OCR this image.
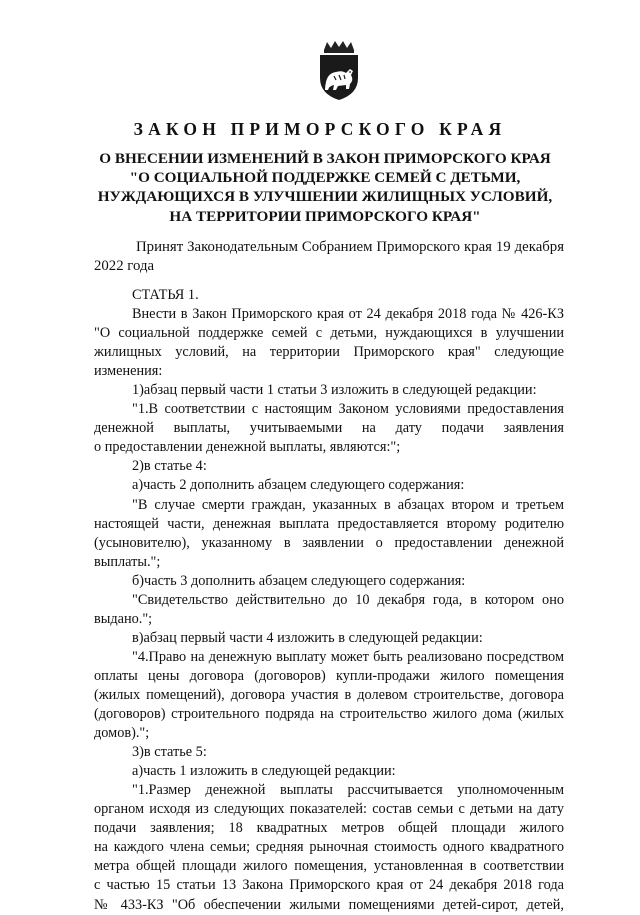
ЗАКОН ПРИМОРСКОГО КРАЯ
О ВНЕСЕНИИ ИЗМЕНЕНИЙ В ЗАКОН ПРИМОРСКОГО КРАЯ
"О СОЦИАЛЬНОЙ ПОДДЕРЖКЕ СЕМЕЙ С ДЕТЬМИ,
НУЖДАЮЩИХСЯ В УЛУЧШЕНИИ ЖИЛИЩНЫХ УСЛОВИЙ,
НА ТЕРРИТОРИИ ПРИМОРСКОГО КРАЯ"
Принят Законодательным Собранием Приморского края 19 декабря
2022 года
СТАТЬЯ 1.
Внести в Закон Приморского края от 24 декабря 2018 года № 426-КЗ
"О социальной поддержке семей с детьми, нуждающихся в улучшении
жилищных условий, на территории Приморского края" следующие
изменения:
1)абзац первый части 1 статьи 3 изложить в следующей редакции:
"1.В соответствии с настоящим Законом условиями предоставления
денежной выплаты, учитываемыми на дату подачи заявления
о предоставлении денежной выплаты, являются:";
2)в статье 4:
а)часть 2 дополнить абзацем следующего содержания:
"В случае смерти граждан, указанных в абзацах втором и третьем
настоящей части, денежная выплата предоставляется второму родителю
(усыновителю), указанному в заявлении о предоставлении денежной
выплаты.";
б)часть 3 дополнить абзацем следующего содержания:
"Свидетельство действительно до 10 декабря года, в котором оно
выдано.";
в)абзац первый части 4 изложить в следующей редакции:
"4.Право на денежную выплату может быть реализовано посредством
оплаты цены договора (договоров) купли-продажи жилого помещения
(жилых помещений), договора участия в долевом строительстве, договора
(договоров) строительного подряда на строительство жилого дома (жилых
домов).";
3)в статье 5:
а)часть 1 изложить в следующей редакции:
"1.Размер денежной выплаты рассчитывается уполномоченным
органом исходя из следующих показателей: состав семьи с детьми на дату
подачи заявления; 18 квадратных метров общей площади жилого
на каждого члена семьи; средняя рыночная стоимость одного квадратного
метра общей площади жилого помещения, установленная в соответствии
с частью 15 статьи 13 Закона Приморского края от 24 декабря 2018 года
№ 433-КЗ "Об обеспечении жилыми помещениями детей-сирот, детей,
